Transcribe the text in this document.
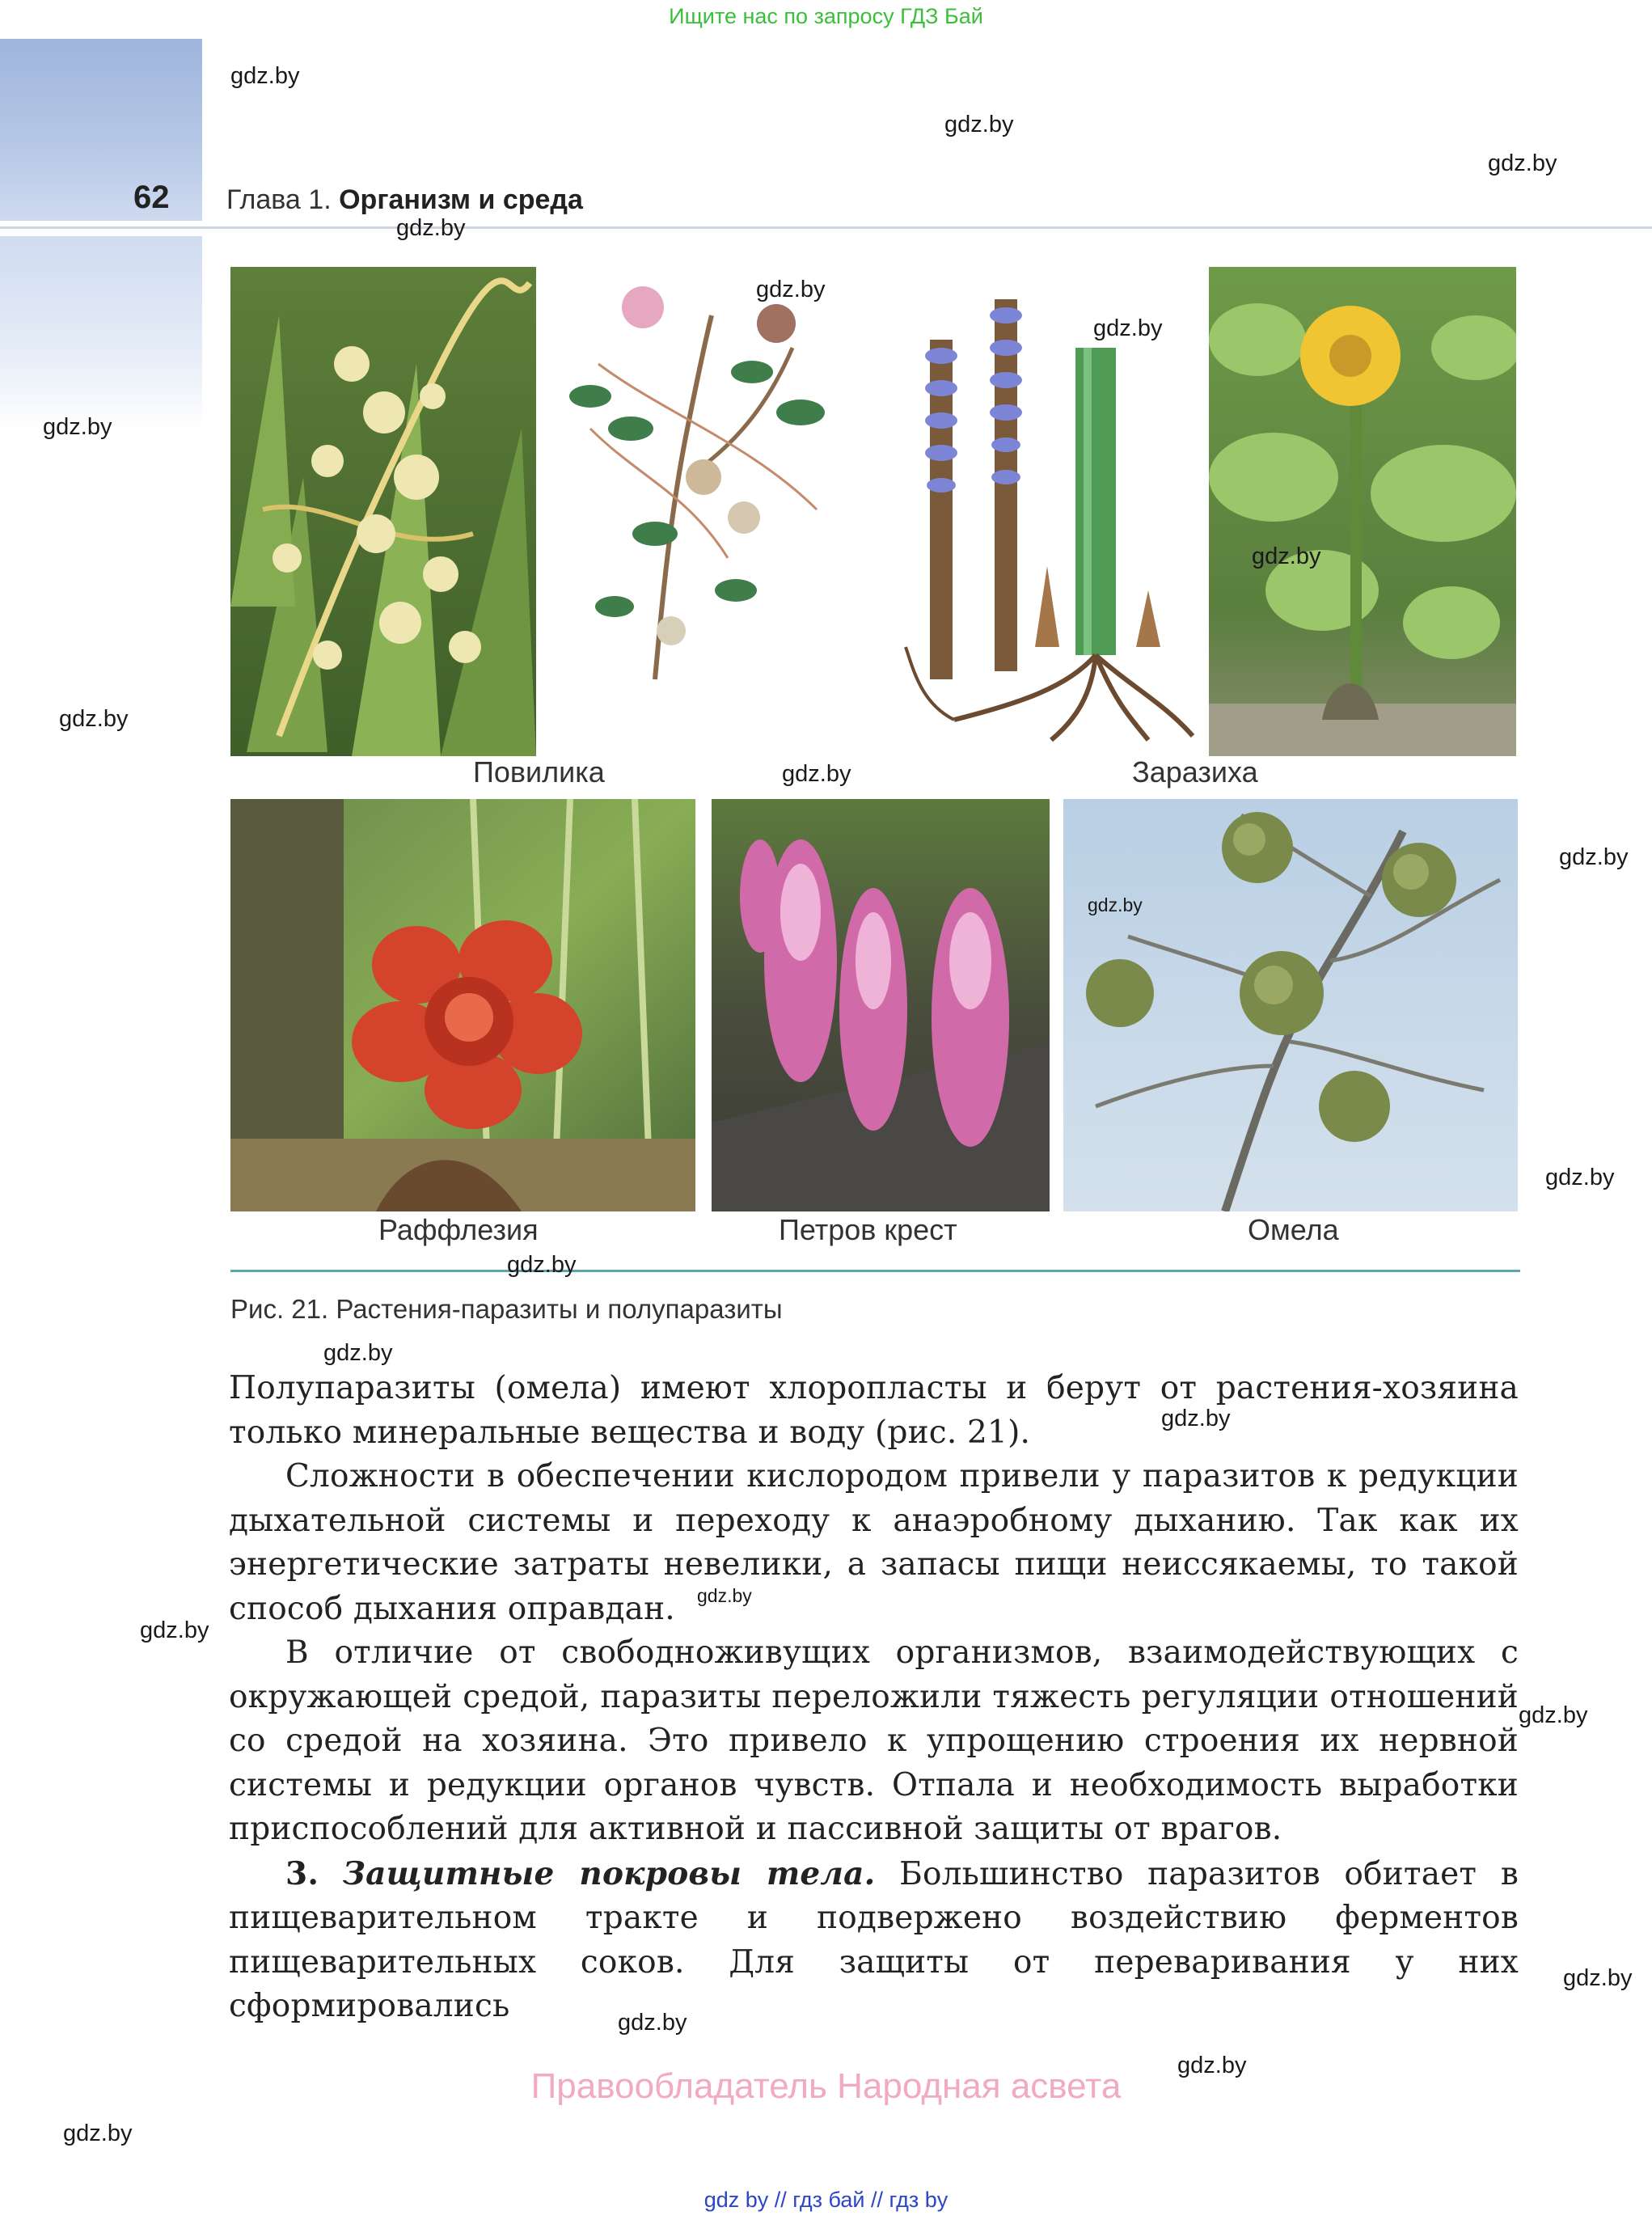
Ищите нас по запросу ГДЗ Бай
62 Глава 1. Организм и среда
Повилика	Заразиха
Раффлезия	Петров крест	Омела
Рис. 21. Растения-паразиты и полупаразиты

Полупаразиты (омела) имеют хлоропласты и берут от растения-хозяина только минеральные вещества и воду (рис. 21).

Сложности в обеспечении кислородом привели у паразитов к редукции дыхательной системы и переходу к анаэробному дыханию. Так как их энергетические затраты невелики, а запасы пищи неиссякаемы, то такой способ дыхания оправдан.

В отличие от свободноживущих организмов, взаимодействующих с окружающей средой, паразиты переложили тяжесть регуляции отношений со средой на хозяина. Это привело к упрощению строения их нервной системы и редукции органов чувств. Отпала и необходимость выработки приспособлений для активной и пассивной защиты от врагов.

3. Защитные покровы тела. Большинство паразитов обитает в пищеварительном тракте и подвержено воздействию ферментов пищеварительных соков. Для защиты от переваривания у них сформировались

gdz.by
gdz.by
gdz.by
gdz.by
gdz.by
gdz.by
gdz.by
gdz.by
gdz.by
gdz.by
gdz.by
gdz.by
gdz.by
gdz.by
gdz.by
gdz.by
gdz.by
gdz.by
gdz.by
gdz.by
gdz.by
gdz.by
gdz.by
Правообладатель Народная асвета
gdz by // гдз бай // гдз by
